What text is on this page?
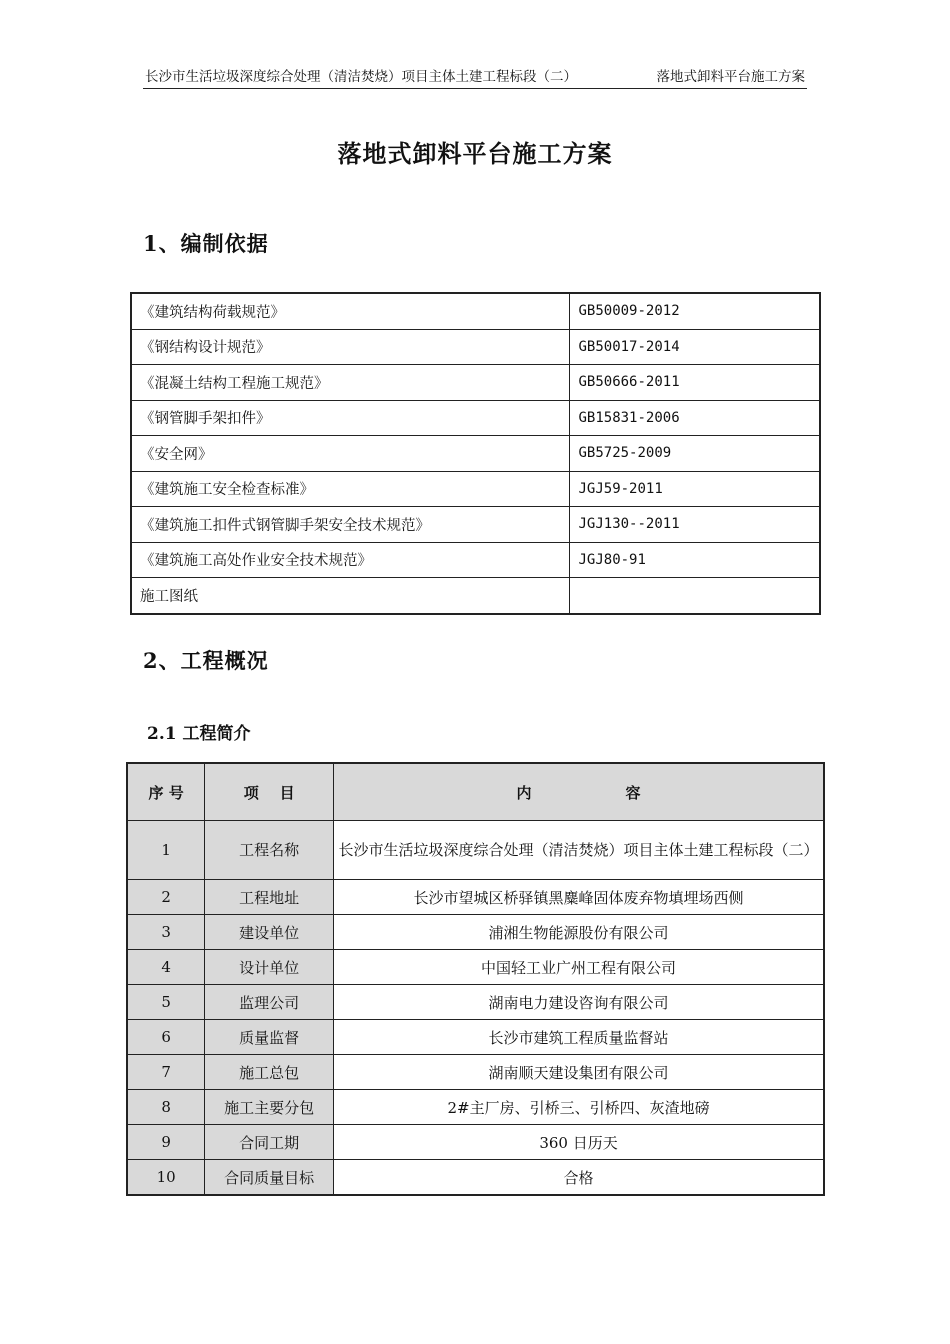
长沙市生活垃圾深度综合处理（清洁焚烧）项目主体土建工程标段（二）	落地式卸料平台施工方案
落地式卸料平台施工方案
1、编制依据
《建筑结构荷载规范》	GB50009-2012
《钢结构设计规范》	GB50017-2014
《混凝土结构工程施工规范》	GB50666-2011
《钢管脚手架扣件》	GB15831-2006
《安全网》	GB5725-2009
《建筑施工安全检查标准》	JGJ59-2011
《建筑施工扣件式钢管脚手架安全技术规范》	JGJ130--2011
《建筑施工高处作业安全技术规范》	JGJ80-91
施工图纸	
2、工程概况
2.1 工程简介
序 号	项    目	内                  容
1	工程名称	长沙市生活垃圾深度综合处理（清洁焚烧）项目主体土建工程标段（二）
2	工程地址	长沙市望城区桥驿镇黑麋峰固体废弃物填埋场西侧
3	建设单位	浦湘生物能源股份有限公司
4	设计单位	中国轻工业广州工程有限公司
5	监理公司	湖南电力建设咨询有限公司
6	质量监督	长沙市建筑工程质量监督站
7	施工总包	湖南顺天建设集团有限公司
8	施工主要分包	2#主厂房、引桥三、引桥四、灰渣地磅
9	合同工期	360 日历天
10	合同质量目标	合格
